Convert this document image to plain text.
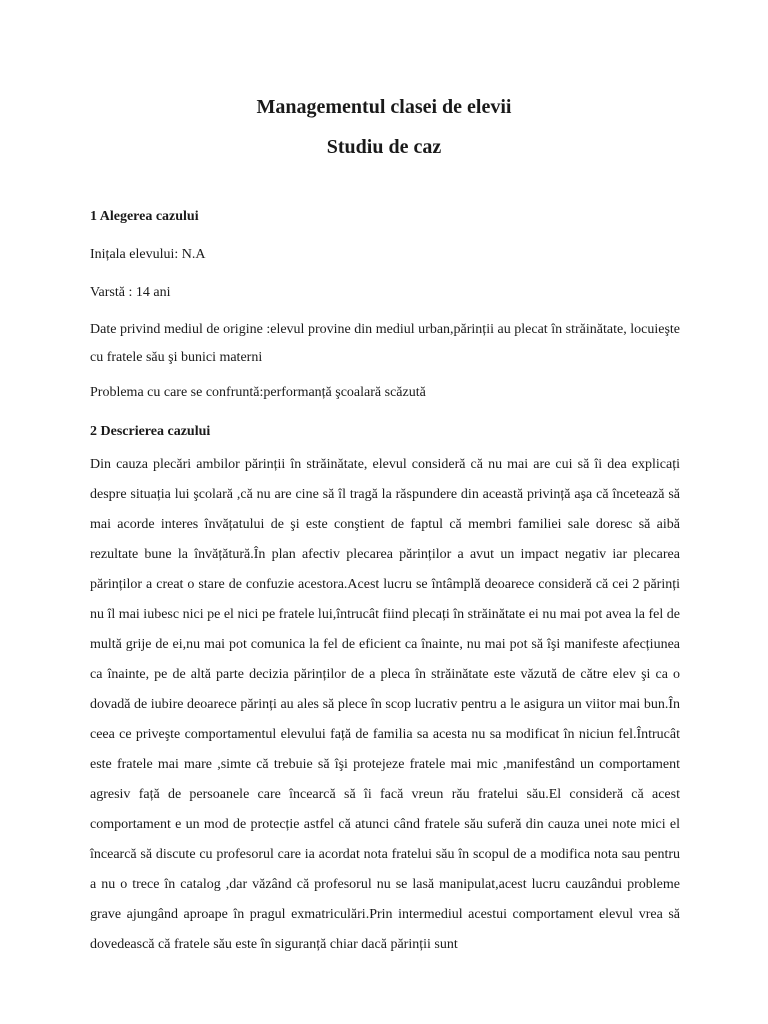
Managementul clasei de elevii
Studiu de caz
1 Alegerea cazului

Inițala elevului: N.A

Varstă : 14 ani

Date privind mediul de origine :elevul provine din mediul urban,părinții au plecat în străinătate, locuieşte cu fratele său şi bunici materni

Problema cu care se confruntă:performanță şcoalară scăzută

2 Descrierea cazului

Din cauza plecări ambilor părinții în străinătate, elevul consideră că nu mai are cui să îi dea explicați despre situația lui şcolară ,că nu are cine să îl tragă la răspundere din această privință aşa că încetează să mai acorde interes învățatului de şi este conştient de faptul că membri familiei sale doresc să aibă rezultate bune la învățătură.În plan afectiv plecarea părinților a avut un impact negativ iar plecarea părinților a creat o stare de confuzie acestora.Acest lucru se întâmplă deoarece consideră că cei 2 părinți nu îl mai iubesc nici pe el nici pe fratele lui,întrucât fiind plecați în străinătate ei nu mai pot avea la fel de multă grije de ei,nu mai pot comunica la fel de eficient ca înainte, nu mai pot să îşi manifeste afecțiunea ca înainte, pe de altă parte decizia părinților de a pleca în străinătate este văzută de către elev şi ca o dovadă de iubire deoarece părinți au ales să plece în scop lucrativ pentru a le asigura un viitor mai bun.În ceea ce priveşte comportamentul elevului față de familia sa acesta nu sa modificat în niciun fel.Întrucât este fratele mai mare ,simte că trebuie să îşi protejeze fratele mai mic ,manifestând un comportament agresiv față de persoanele care încearcă să îi facă vreun rău fratelui său.El consideră că acest comportament e un mod de protecție astfel că atunci când fratele său suferă din cauza unei note mici el încearcă să discute cu profesorul care ia acordat nota fratelui său în scopul de a modifica nota sau pentru a nu o trece în catalog ,dar văzând că profesorul nu se lasă manipulat,acest lucru cauzândui probleme grave ajungând aproape în pragul exmatriculări.Prin intermediul acestui comportament elevul vrea să dovedească că fratele său este în siguranță chiar dacă părinții sunt
